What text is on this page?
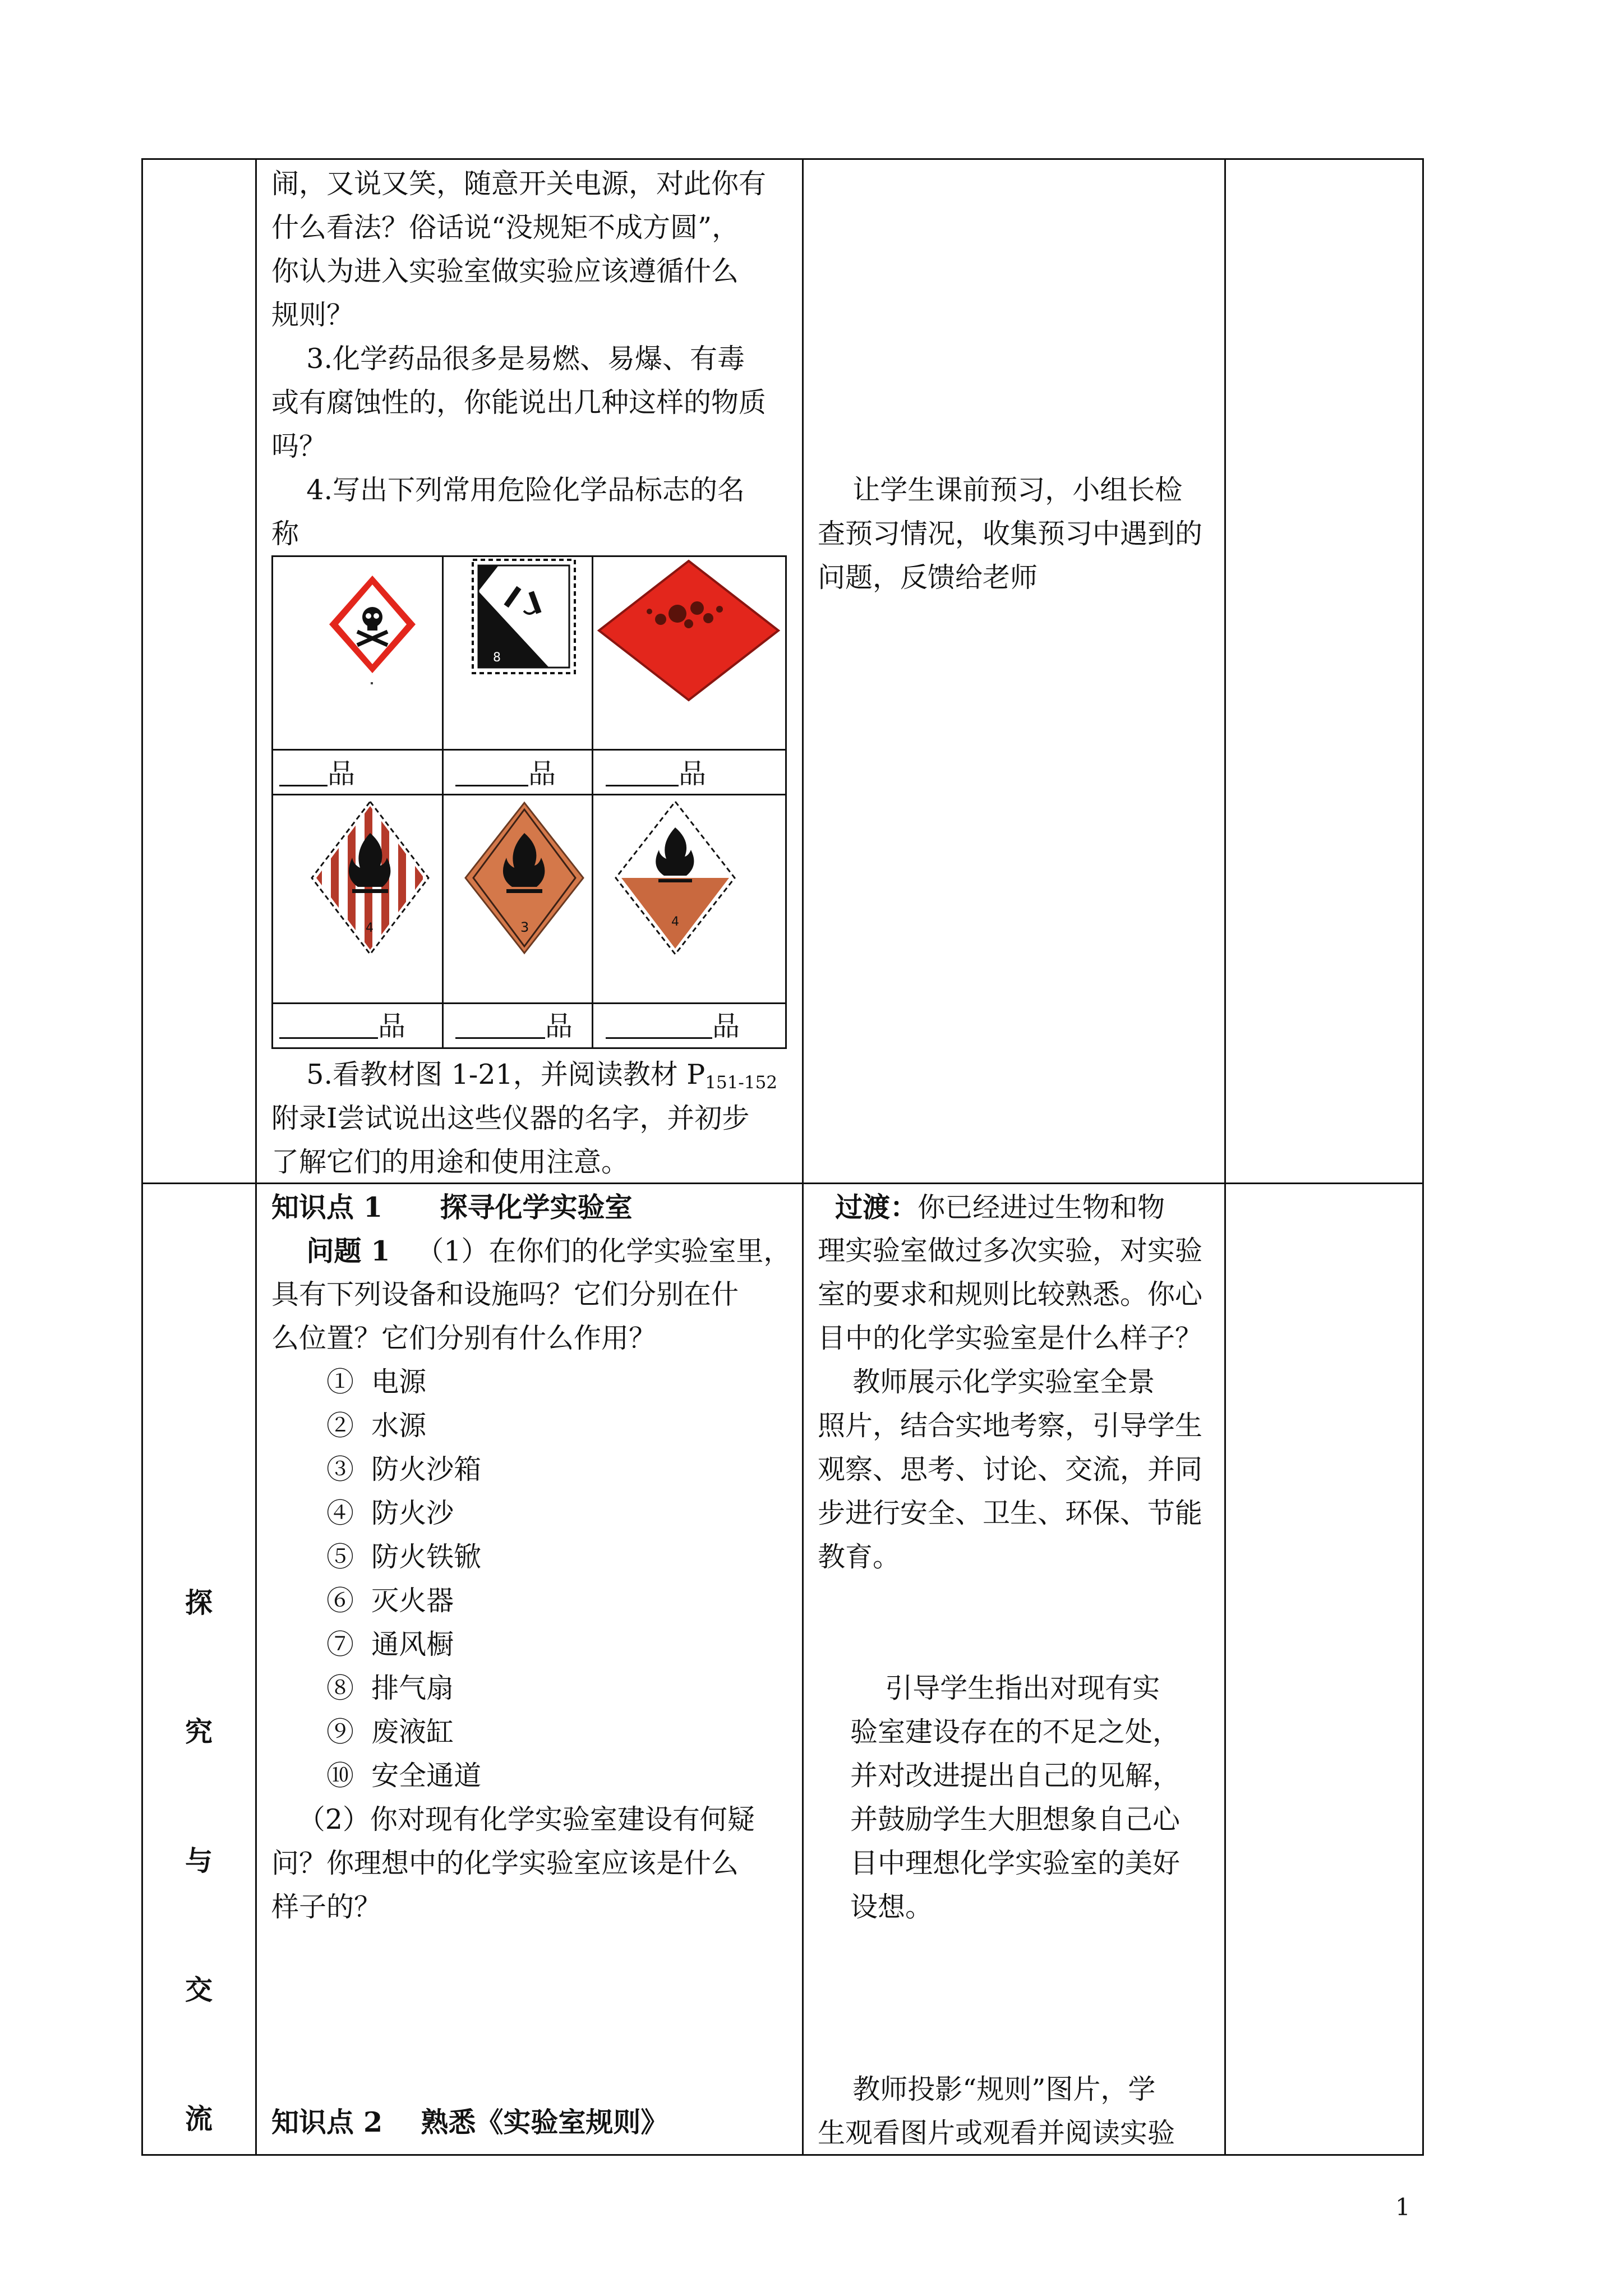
闹，又说又笑，随意开关电源，对此你有
什么看法？俗话说“没规矩不成方圆”，
你认为进入实验室做实验应该遵循什么
规则？
3.化学药品很多是易燃、易爆、有毒
或有腐蚀性的，你能说出几种这样的物质
吗？
4.写出下列常用危险化学品标志的名
称
8
品	品	品
4	3	4
品	品	品
5.看教材图 1-21，并阅读教材 $P_{151-152}$
附录Ⅰ尝试说出这些仪器的名字，并初步
了解它们的用途和使用注意。
让学生课前预习，小组长检
查预习情况，收集预习中遇到的
问题，反馈给老师
探
究
与
交
流
知识点 1      探寻化学实验室
问题 1   （1）在你们的化学实验室里，
具有下列设备和设施吗？它们分别在什
么位置？它们分别有什么作用？
①  电源
②  水源
③  防火沙箱
④  防火沙
⑤  防火铁锨
⑥  灭火器
⑦  通风橱
⑧  排气扇
⑨  废液缸
⑩  安全通道
（2）你对现有化学实验室建设有何疑
问？你理想中的化学实验室应该是什么
样子的？
知识点 2    熟悉《实验室规则》
过渡：你已经进过生物和物
理实验室做过多次实验，对实验
室的要求和规则比较熟悉。你心
目中的化学实验室是什么样子？
教师展示化学实验室全景
照片，结合实地考察，引导学生
观察、思考、讨论、交流，并同
步进行安全、卫生、环保、节能
教育。
引导学生指出对现有实
验室建设存在的不足之处，
并对改进提出自己的见解，
并鼓励学生大胆想象自己心
目中理想化学实验室的美好
设想。
教师投影“规则”图片，学
生观看图片或观看并阅读实验
1
